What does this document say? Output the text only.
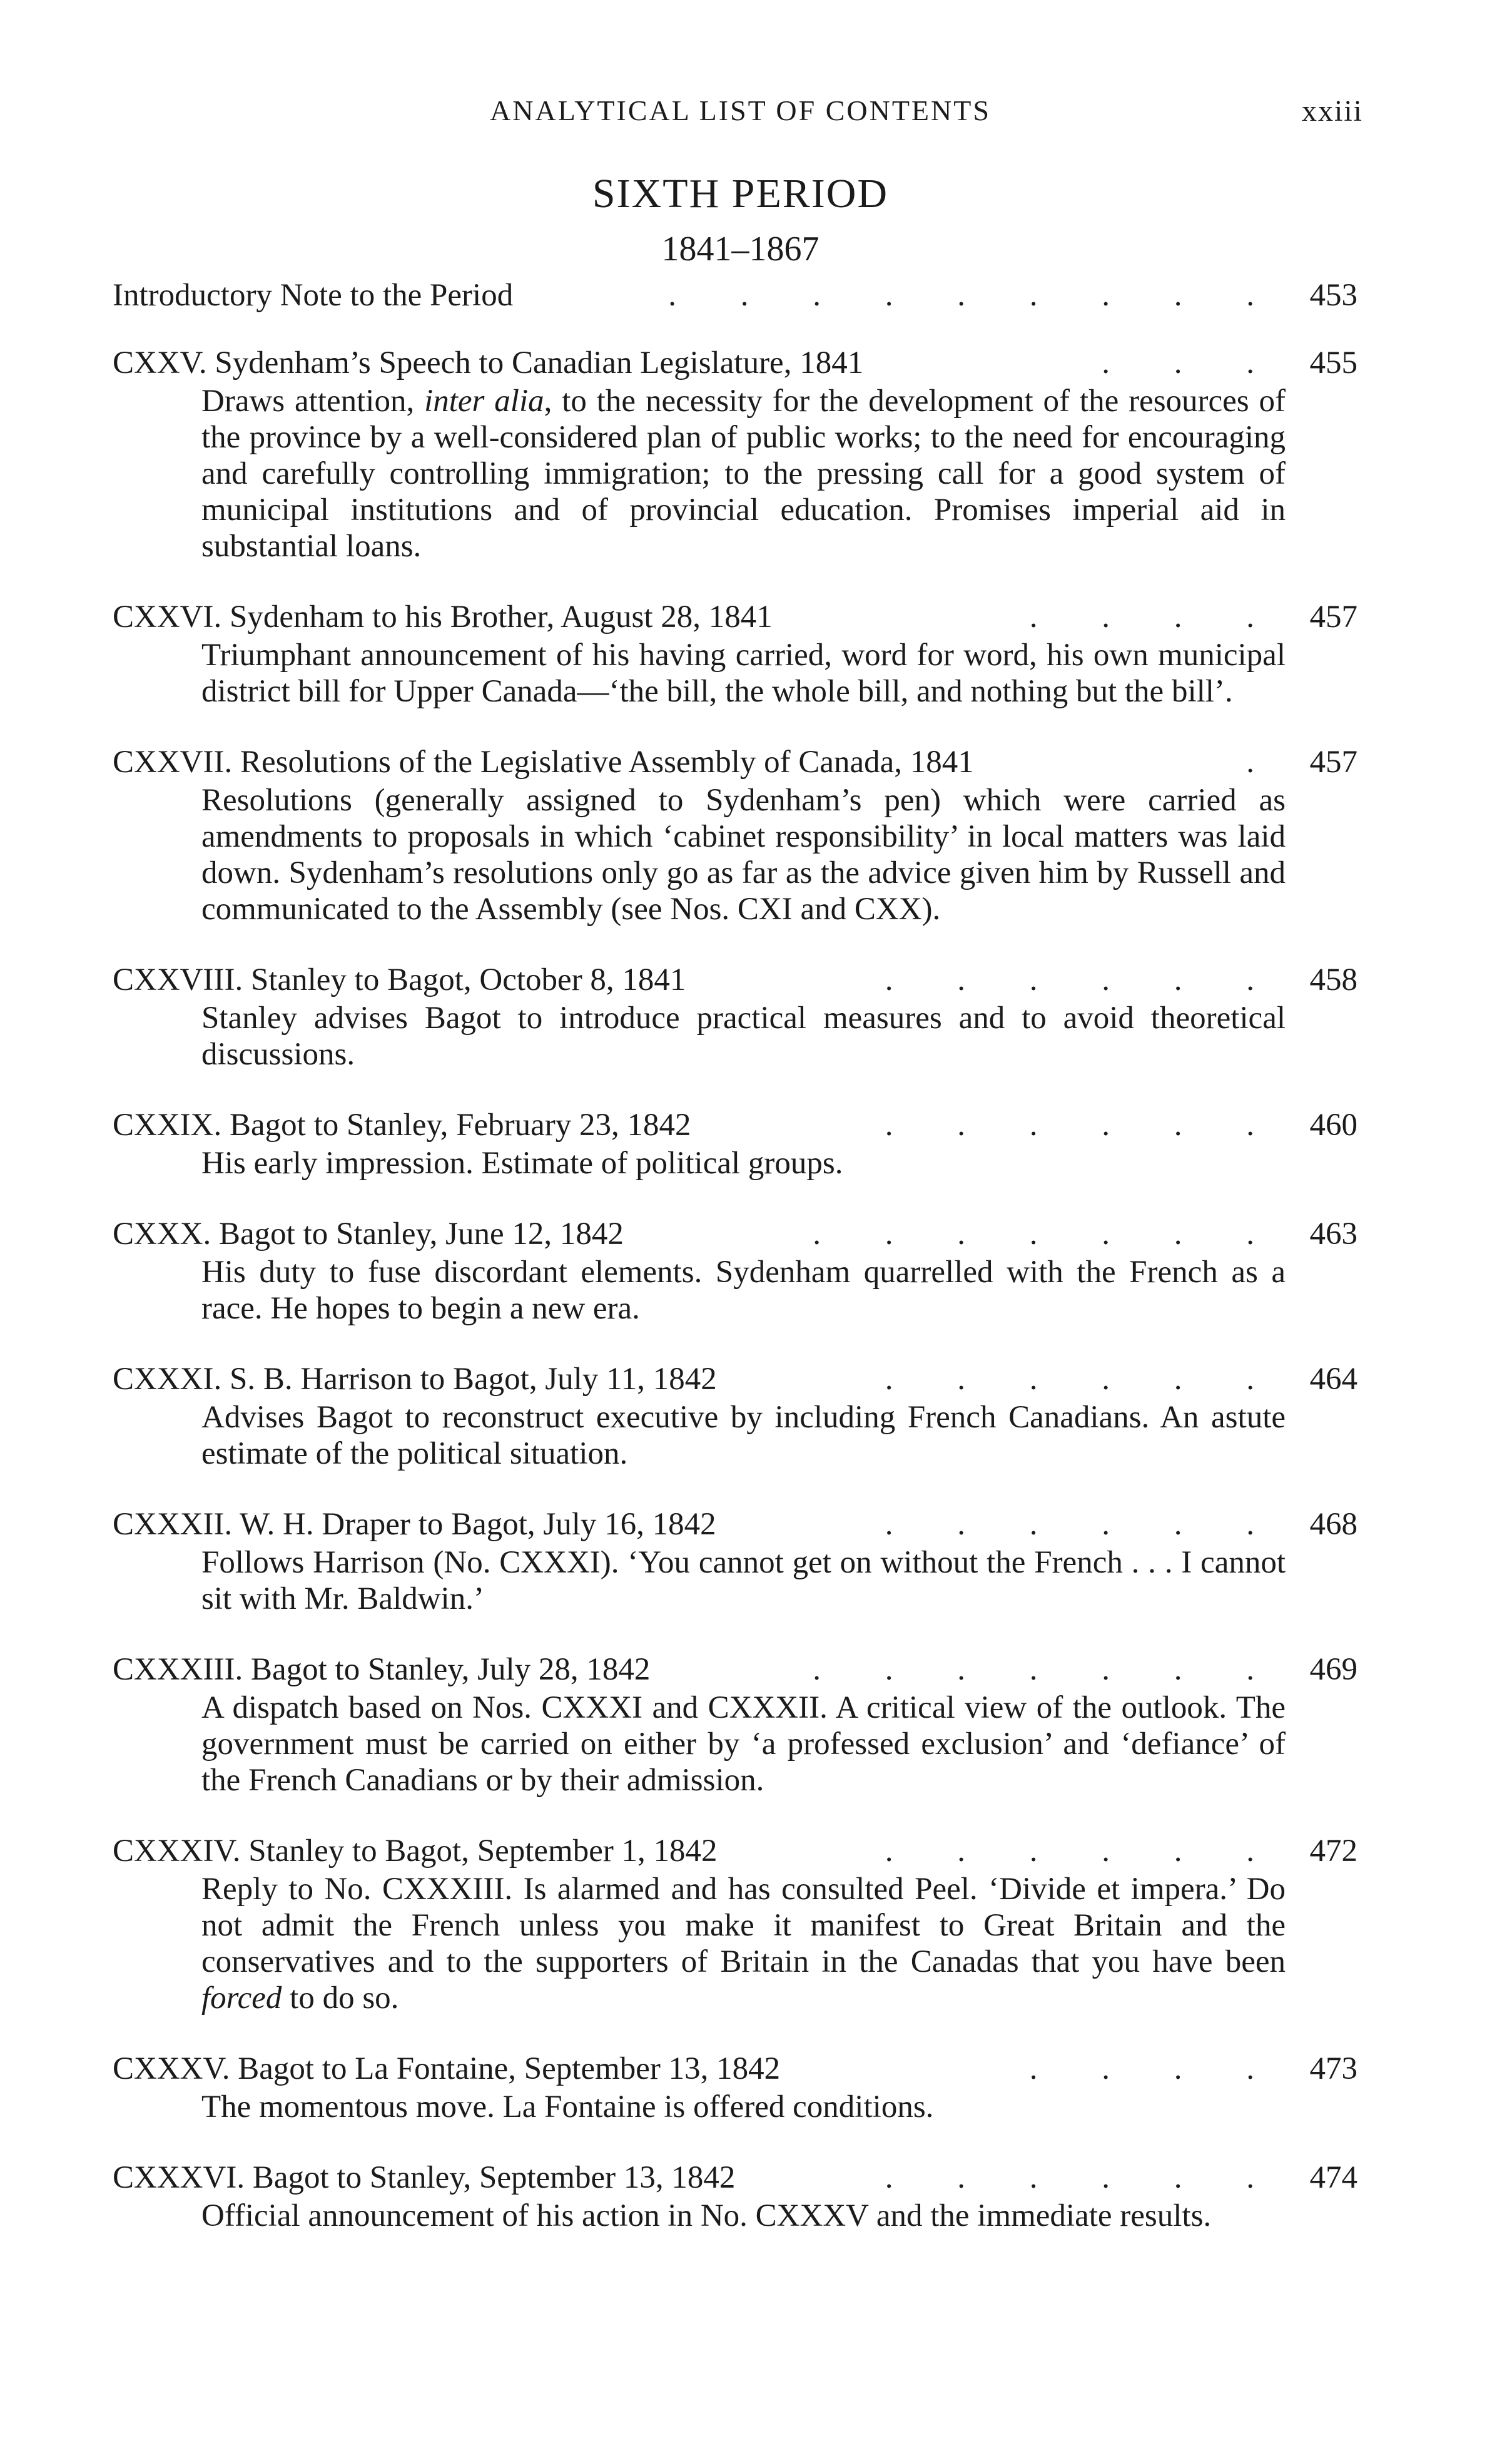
ANALYTICAL LIST OF CONTENTS	xxiii
SIXTH PERIOD
1841–1867
Introductory Note to the Period	. . . . . . . . . 453
CXXV. Sydenham’s Speech to Canadian Legislature, 1841	. . . 455
Draws attention, inter alia, to the necessity for the development of the resources of the province by a well-considered plan of public works; to the need for encouraging and carefully controlling immigration; to the pressing call for a good system of municipal institutions and of provincial education. Promises imperial aid in substantial loans.
CXXVI. Sydenham to his Brother, August 28, 1841	. . . . 457
Triumphant announcement of his having carried, word for word, his own municipal district bill for Upper Canada—‘the bill, the whole bill, and nothing but the bill’.
CXXVII. Resolutions of the Legislative Assembly of Canada, 1841	. 457
Resolutions (generally assigned to Sydenham’s pen) which were carried as amendments to proposals in which ‘cabinet responsibility’ in local matters was laid down. Sydenham’s resolutions only go as far as the advice given him by Russell and communicated to the Assembly (see Nos. CXI and CXX).
CXXVIII. Stanley to Bagot, October 8, 1841	. . . . . . 458
Stanley advises Bagot to introduce practical measures and to avoid theoretical discussions.
CXXIX. Bagot to Stanley, February 23, 1842	. . . . . . 460
His early impression. Estimate of political groups.
CXXX. Bagot to Stanley, June 12, 1842	. . . . . . . 463
His duty to fuse discordant elements. Sydenham quarrelled with the French as a race. He hopes to begin a new era.
CXXXI. S. B. Harrison to Bagot, July 11, 1842	. . . . . . 464
Advises Bagot to reconstruct executive by including French Canadians. An astute estimate of the political situation.
CXXXII. W. H. Draper to Bagot, July 16, 1842	. . . . . . 468
Follows Harrison (No. CXXXI). ‘You cannot get on without the French . . . I cannot sit with Mr. Baldwin.’
CXXXIII. Bagot to Stanley, July 28, 1842	. . . . . . . 469
A dispatch based on Nos. CXXXI and CXXXII. A critical view of the outlook. The government must be carried on either by ‘a professed exclusion’ and ‘defiance’ of the French Canadians or by their admission.
CXXXIV. Stanley to Bagot, September 1, 1842	. . . . . . 472
Reply to No. CXXXIII. Is alarmed and has consulted Peel. ‘Divide et impera.’ Do not admit the French unless you make it manifest to Great Britain and the conservatives and to the supporters of Britain in the Canadas that you have been forced to do so.
CXXXV. Bagot to La Fontaine, September 13, 1842	. . . . 473
The momentous move. La Fontaine is offered conditions.
CXXXVI. Bagot to Stanley, September 13, 1842	. . . . . . 474
Official announcement of his action in No. CXXXV and the immediate results.
